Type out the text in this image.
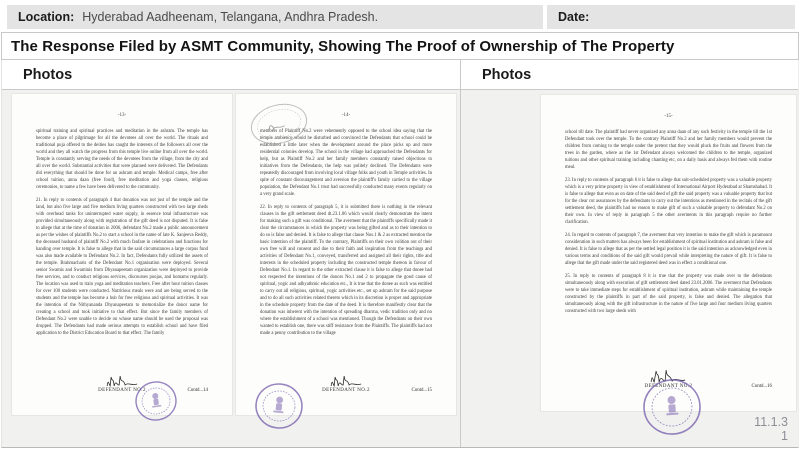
Location: Hyderabad Aadheenam, Telangana, Andhra Pradesh.	Date:
The Response Filed by ASMT Community, Showing The Proof of Ownership of The Property
Photos
-13-
spiritual training and spiritual practices and meditation in the ashram. The temple has become a place of pilgrimage for all the devotees all over the world. The rituals and traditional puja offered to the deities has caught the interests of the followers all over the world and they all watch the progress from this temple live online from all over the world. Temple is constantly serving the needs of the devotees from the village, from the city and all over the world. Substantial activities that were planned were delivered. The Defendants did everything that should be done for an ashram and temple. Medical camps, free after school tuition, anna daan (free food), free meditation and yoga classes, religious ceremonies, to name a few have been delivered to the community.
21. In reply to contents of paragraph 4 that donation was not just of the temple and the land, but also five large and five medium living quarters constructed with two large sheds with overhead tanks for uninterrupted water supply, in essence total infrastructure was provided simultaneously along with registration of the gift deed is not disputed. It is false to allege that at the time of donation in 2006, defendant No.2 made a public announcement as per the wishes of plaintiffs No.2 to start a school in the name of late K. Sanjeeva Reddy, the deceased husband of plaintiff No.2 with much fanfare in celebrations and functions for handing over temple. It is false to allege that in the said circumstances a large corpus fund was also made available to Defendant No.2. In fact, Defendants fully utilized the assets of the temple. Brahmacharis of the Defendant No.1 organisation were deployed. Several senior Swamis and Swaminis from Dhyanapeetam organization were deployed to provide free services, and to conduct religious services, discourses poojas, and homams regularly. The location was used to train yoga and meditation teachers. Free after hour tuition classes for over 100 students were conducted. Nutritious meals were and are being served to the students and the temple has become a hub for free religious and spiritual activities. It was the intention of the Nithyananda Dhyanapeetam to memorialize the donor name for creating a school and took initiative to that effect. But since the family members of Defendant No.2 were unable to decide on whose name should be used the proposal was dropped. The Defendants had made serious attempts to establish school and have filed application to the District Education Board to that effect. The family
DEFENDANT NO.2	Contd...14
-14-
members of Plaintiff No.2 were vehemently opposed to the school idea saying that the temple ambience would be disturbed and convinced the Defendants that school could be established a little later when the development around the place picks up and more residential colonies develop. The school in the village had approached the Defendants for help, but as Plaintiff No.2 and her family members constantly raised objections to initiatives from the Defendants, the help was politely declined. The Defendants were repeatedly discouraged from involving local village folks and youth in Temple activities. In spite of constant discouragement and aversion the plaintiff's family carried to the village population, the Defendant No.1 trust had successfully conducted many events regularly on a very grand scale.
22. In reply to contents of paragraph 5, it is submitted there is nothing in the relevant clauses in the gift settlement deed dt.23.1.06 which would clearly demonstrate the intent for making such a gift was conditional. The averment that the plaintiffs specifically made it clear the circumstances in which the property was being gifted and as to their intention to do so is false and denied. It is false to allege that clause Nos.1 & 2 as extracted mention the basic intention of the plaintiff. To the contrary, Plaintiffs on their own volition out of their own free will and consent and due to their faith and inspiration from the teachings and activities of Defendant No.1, conveyed, transferred and assigned all their rights, title and interests in the scheduled property including the constructed temple thereon in favour of Defendant No.1. In regard to the other extracted clause it is false to allege that donee had not respected the intentions of the donors No.1 and 2 to propagate the good cause of spiritual, yogic and adhyathmic education etc., It is true that the donee as such was entitled to carry out all religious, spiritual, yogic activities etc., set up ashram for the said purpose and to do all such activities related thereto which in its discretion is proper and appropriate in the schedule property from the date of the deed. It is therefore manifestly clear that the donation was inherent with the intention of spreading dharma, vedic tradition only and no where the establishment of a school was mentioned. Though the Defendants on their own wanted to establish one, there was stiff resistance from the Plaintiffs. The plaintiffs had not made a penny contribution to the village
DEFENDANT NO.2	Contd...15
Photos
-15-
school till date. The plaintiff had never organized any anna daan of any such festivity in the temple till the 1st Defendant took over the temple. To the contrary Plaintiff No.2 and her family members would prevent the children from coming to the temple under the pretext that they would pluck the fruits and flowers from the trees in the garden, where as the 1st Defendant always welcomed the children to the temple, organized tuitions and other spiritual training including chanting etc, on a daily basis and always fed them with routine meal.
23. In reply to contents of paragraph 6 it is false to allege that suit-scheduled property was a valuable property which is a very prime property in view of establishment of International Airport Hyderabad at Shamshabad. It is false to allege that even as on date of the said deed of gift the said property was a valuable property that but for the clear cut assurances by the defendants to carry out the intentions as mentioned in the recitals of the gift settlement deed, the plaintiffs had no reason to make gift of such a valuable property to defendant No.2 on their own. In view of reply in paragraph 5 the other averments in this paragraph require no further clarification.
24. In regard to contents of paragraph 7, the averment that very intention to make the gift which is paramount consideration in such matters has always been for establishment of spiritual institution and ashram is false and denied. It is false to allege that as per the settled legal position it is the said intention as acknowledged even in various terms and conditions of the said gift would prevail while interpreting the nature of gift. It is false to allege that the gift made under the said registered deed was in effect a conditional one.
25. In reply to contents of paragraph 8 it is true that the property was made over to the defendants simultaneously along with execution of gift settlement deed dated 23.01.2006. The averment that Defendants were to take immediate steps for establishment of spiritual institution, ashram while maintaining the temple constructed by the plaintiffs in part of the said property, is false and denied. The allegation that simultaneously along with the gift infrastructure in the nature of five large and four medium living quarters constructed with two large sheds with
DEFENDANT NO.2	Contd...16
11.1.3
1
